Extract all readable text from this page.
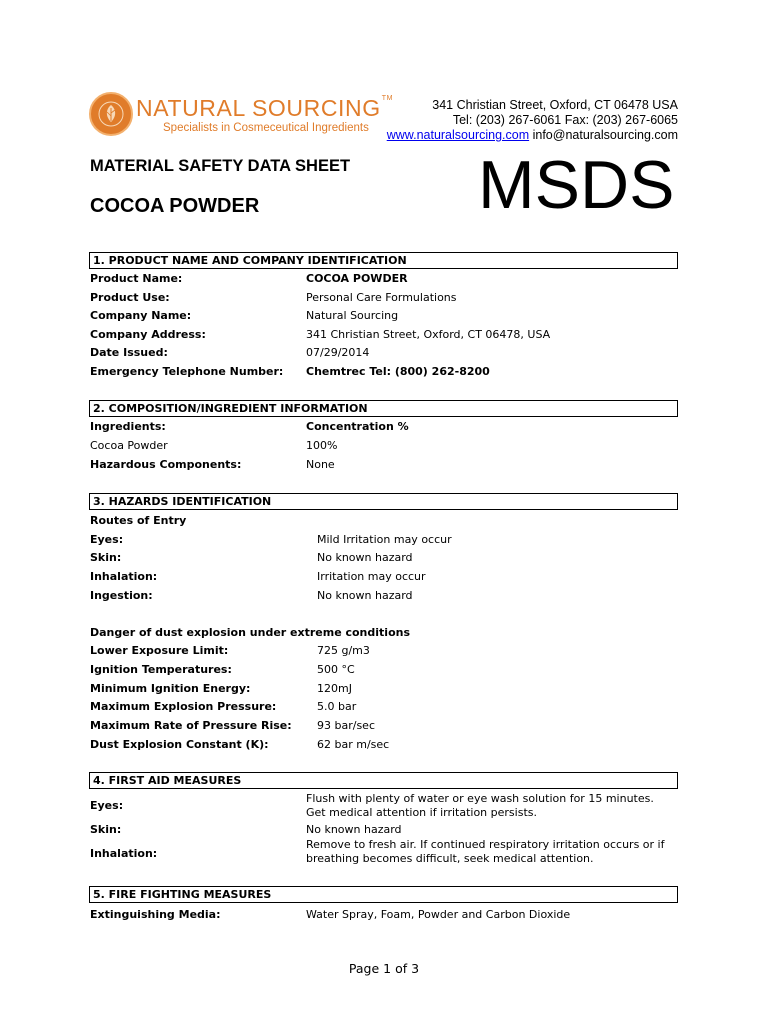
NATURAL SOURCING™
Specialists in Cosmeceutical Ingredients
341 Christian Street, Oxford, CT 06478 USA
Tel: (203) 267-6061 Fax: (203) 267-6065
www.naturalsourcing.com info@naturalsourcing.com
MATERIAL SAFETY DATA SHEET
COCOA POWDER	MSDS
1. PRODUCT NAME AND COMPANY IDENTIFICATION
Product Name:	COCOA POWDER
Product Use:	Personal Care Formulations
Company Name:	Natural Sourcing
Company Address:	341 Christian Street, Oxford, CT 06478, USA
Date Issued:	07/29/2014
Emergency Telephone Number: Chemtrec Tel: (800) 262-8200
2. COMPOSITION/INGREDIENT INFORMATION
Ingredients:	Concentration %
Cocoa Powder	100%
Hazardous Components:	None
3. HAZARDS IDENTIFICATION
Routes of Entry
Eyes:	Mild Irritation may occur
Skin:	No known hazard
Inhalation:	Irritation may occur
Ingestion:	No known hazard
Danger of dust explosion under extreme conditions
Lower Exposure Limit:	725 g/m3
Ignition Temperatures:	500 °C
Minimum Ignition Energy:	120mJ
Maximum Explosion Pressure:	5.0 bar
Maximum Rate of Pressure Rise: 93 bar/sec
Dust Explosion Constant (K):	62 bar m/sec
4. FIRST AID MEASURES
Eyes:
Flush with plenty of water or eye wash solution for 15 minutes. Get medical attention if irritation persists.
Skin:	No known hazard
Inhalation:
Remove to fresh air. If continued respiratory irritation occurs or if breathing becomes difficult, seek medical attention.
5. FIRE FIGHTING MEASURES
Extinguishing Media:	Water Spray, Foam, Powder and Carbon Dioxide
Page 1 of 3
